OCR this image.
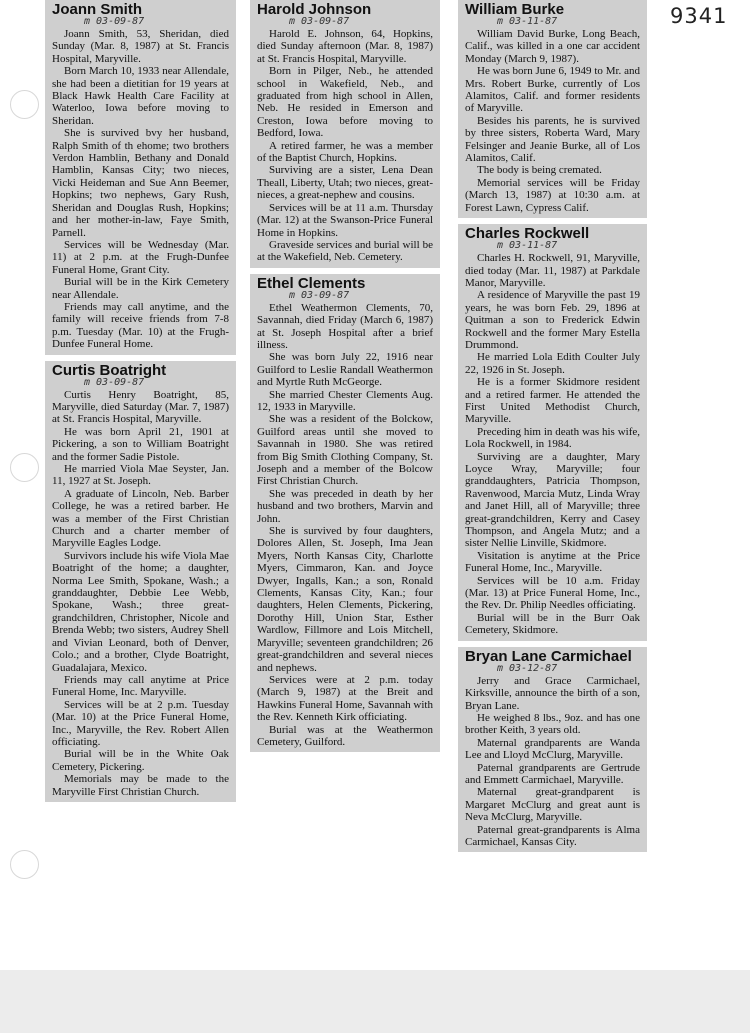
9341
Joann Smith
m 03-09-87

Joann Smith, 53, Sheridan, died Sunday (Mar. 8, 1987) at St. Francis Hospital, Maryville.

Born March 10, 1933 near Allendale, she had been a dietitian for 19 years at Black Hawk Health Care Facility at Waterloo, Iowa before moving to Sheridan.

She is survived bvy her husband, Ralph Smith of th ehome; two brothers Verdon Hamblin, Bethany and Donald Hamblin, Kansas City; two nieces, Vicki Heideman and Sue Ann Beemer, Hopkins; two nephews, Gary Rush, Sheridan and Douglas Rush, Hopkins; and her mother-in-law, Faye Smith, Parnell.

Services will be Wednesday (Mar. 11) at 2 p.m. at the Frugh-Dunfee Funeral Home, Grant City.

Burial will be in the Kirk Cemetery near Allendale.

Friends may call anytime, and the family will receive friends from 7-8 p.m. Tuesday (Mar. 10) at the Frugh-Dunfee Funeral Home.

Curtis Boatright
m 03-09-87

Curtis Henry Boatright, 85, Maryville, died Saturday (Mar. 7, 1987) at St. Francis Hospital, Maryville.

He was born April 21, 1901 at Pickering, a son to William Boatright and the former Sadie Pistole.

He married Viola Mae Seyster, Jan. 11, 1927 at St. Joseph.

A graduate of Lincoln, Neb. Barber College, he was a retired barber. He was a member of the First Christian Church and a charter member of Maryville Eagles Lodge.

Survivors include his wife Viola Mae Boatright of the home; a daughter, Norma Lee Smith, Spokane, Wash.; a granddaughter, Debbie Lee Webb, Spokane, Wash.; three great-grandchildren, Christopher, Nicole and Brenda Webb; two sisters, Audrey Shell and Vivian Leonard, both of Denver, Colo.; and a brother, Clyde Boatright, Guadalajara, Mexico.

Friends may call anytime at Price Funeral Home, Inc. Maryville.

Services will be at 2 p.m. Tuesday (Mar. 10) at the Price Funeral Home, Inc., Maryville, the Rev. Robert Allen officiating.

Burial will be in the White Oak Cemetery, Pickering.

Memorials may be made to the Maryville First Christian Church.

Harold Johnson
m 03-09-87

Harold E. Johnson, 64, Hopkins, died Sunday afternoon (Mar. 8, 1987) at St. Francis Hospital, Maryville.

Born in Pilger, Neb., he attended school in Wakefield, Neb., and graduated from high school in Allen, Neb. He resided in Emerson and Creston, Iowa before moving to Bedford, Iowa.

A retired farmer, he was a member of the Baptist Church, Hopkins.

Surviving are a sister, Lena Dean Theall, Liberty, Utah; two nieces, great-nieces, a great-nephew and cousins.

Services will be at 11 a.m. Thursday (Mar. 12) at the Swanson-Price Funeral Home in Hopkins.

Graveside services and burial will be at the Wakefield, Neb. Cemetery.

Ethel Clements
m 03-09-87

Ethel Weathermon Clements, 70, Savannah, died Friday (March 6, 1987) at St. Joseph Hospital after a brief illness.

She was born July 22, 1916 near Guilford to Leslie Randall Weathermon and Myrtle Ruth McGeorge.

She married Chester Clements Aug. 12, 1933 in Maryville.

She was a resident of the Bolckow, Guilford areas until she moved to Savannah in 1980. She was retired from Big Smith Clothing Company, St. Joseph and a member of the Bolcow First Christian Church.

She was preceded in death by her husband and two brothers, Marvin and John.

She is survived by four daughters, Dolores Allen, St. Joseph, Ima Jean Myers, North Kansas City, Charlotte Myers, Cimmaron, Kan. and Joyce Dwyer, Ingalls, Kan.; a son, Ronald Clements, Kansas City, Kan.; four daughters, Helen Clements, Pickering, Dorothy Hill, Union Star, Esther Wardlow, Fillmore and Lois Mitchell, Maryville; seventeen grandchildren; 26 great-grandchildren and several nieces and nephews.

Services were at 2 p.m. today (March 9, 1987) at the Breit and Hawkins Funeral Home, Savannah with the Rev. Kenneth Kirk officiating.

Burial was at the Weathermon Cemetery, Guilford.

William Burke
m 03-11-87

William David Burke, Long Beach, Calif., was killed in a one car accident Monday (March 9, 1987).

He was born June 6, 1949 to Mr. and Mrs. Robert Burke, currently of Los Alamitos, Calif. and former residents of Maryville.

Besides his parents, he is survived by three sisters, Roberta Ward, Mary Felsinger and Jeanie Burke, all of Los Alamitos, Calif.

The body is being cremated.

Memorial services will be Friday (March 13, 1987) at 10:30 a.m. at Forest Lawn, Cypress Calif.

Charles Rockwell
m 03-11-87

Charles H. Rockwell, 91, Maryville, died today (Mar. 11, 1987) at Parkdale Manor, Maryville.

A residence of Maryville the past 19 years, he was born Feb. 29, 1896 at Quitman a son to Frederick Edwin Rockwell and the former Mary Estella Drummond.

He married Lola Edith Coulter July 22, 1926 in St. Joseph.

He is a former Skidmore resident and a retired farmer. He attended the First United Methodist Church, Maryville.

Preceding him in death was his wife, Lola Rockwell, in 1984.

Surviving are a daughter, Mary Loyce Wray, Maryville; four granddaughters, Patricia Thompson, Ravenwood, Marcia Mutz, Linda Wray and Janet Hill, all of Maryville; three great-grandchildren, Kerry and Casey Thompson, and Angela Mutz; and a sister Nellie Linville, Skidmore.

Visitation is anytime at the Price Funeral Home, Inc., Maryville.

Services will be 10 a.m. Friday (Mar. 13) at Price Funeral Home, Inc., the Rev. Dr. Philip Needles officiating.

Burial will be in the Burr Oak Cemetery, Skidmore.

Bryan Lane Carmichael
m 03-12-87

Jerry and Grace Carmichael, Kirksville, announce the birth of a son, Bryan Lane.

He weighed 8 lbs., 9oz. and has one brother Keith, 3 years old.

Maternal grandparents are Wanda Lee and Lloyd McClurg, Maryville.

Paternal grandparents are Gertrude and Emmett Carmichael, Maryville.

Maternal great-grandparent is Margaret McClurg and great aunt is Neva McClurg, Maryville.

Paternal great-grandparents is Alma Carmichael, Kansas City.
